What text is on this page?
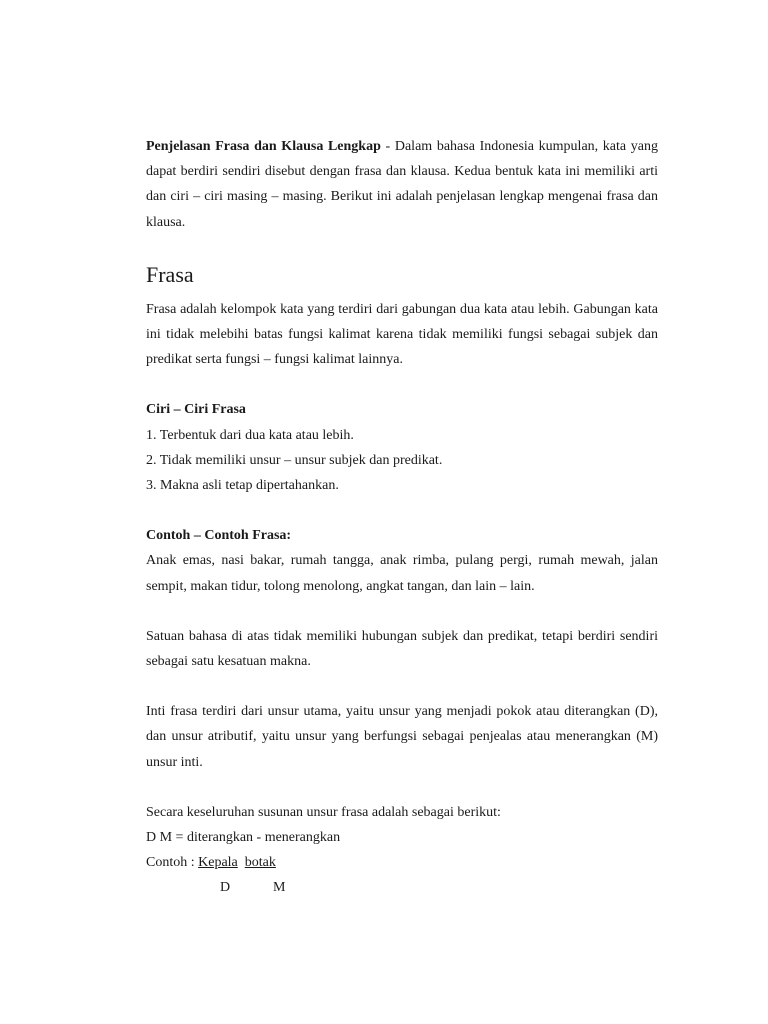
Penjelasan Frasa dan Klausa Lengkap - Dalam bahasa Indonesia kumpulan, kata yang dapat berdiri sendiri disebut dengan frasa dan klausa. Kedua bentuk kata ini memiliki arti dan ciri – ciri masing – masing. Berikut ini adalah penjelasan lengkap mengenai frasa dan klausa.

Frasa

Frasa adalah kelompok kata yang terdiri dari gabungan dua kata atau lebih. Gabungan kata ini tidak melebihi batas fungsi kalimat karena tidak memiliki fungsi sebagai subjek dan predikat serta fungsi – fungsi kalimat lainnya.

Ciri – Ciri Frasa

1. Terbentuk dari dua kata atau lebih.

2. Tidak memiliki unsur – unsur subjek dan predikat.

3. Makna asli tetap dipertahankan.

Contoh – Contoh Frasa:

Anak emas, nasi bakar, rumah tangga, anak rimba, pulang pergi, rumah mewah, jalan sempit, makan tidur, tolong menolong, angkat tangan, dan lain – lain.

Satuan bahasa di atas tidak memiliki hubungan subjek dan predikat, tetapi berdiri sendiri sebagai satu kesatuan makna.

Inti frasa terdiri dari unsur utama, yaitu unsur yang menjadi pokok atau diterangkan (D), dan unsur atributif, yaitu unsur yang berfungsi sebagai penjealas atau menerangkan (M) unsur inti.

Secara keseluruhan susunan unsur frasa adalah sebagai berikut:

D M = diterangkan - menerangkan

Contoh : Kepala botak

D	M
